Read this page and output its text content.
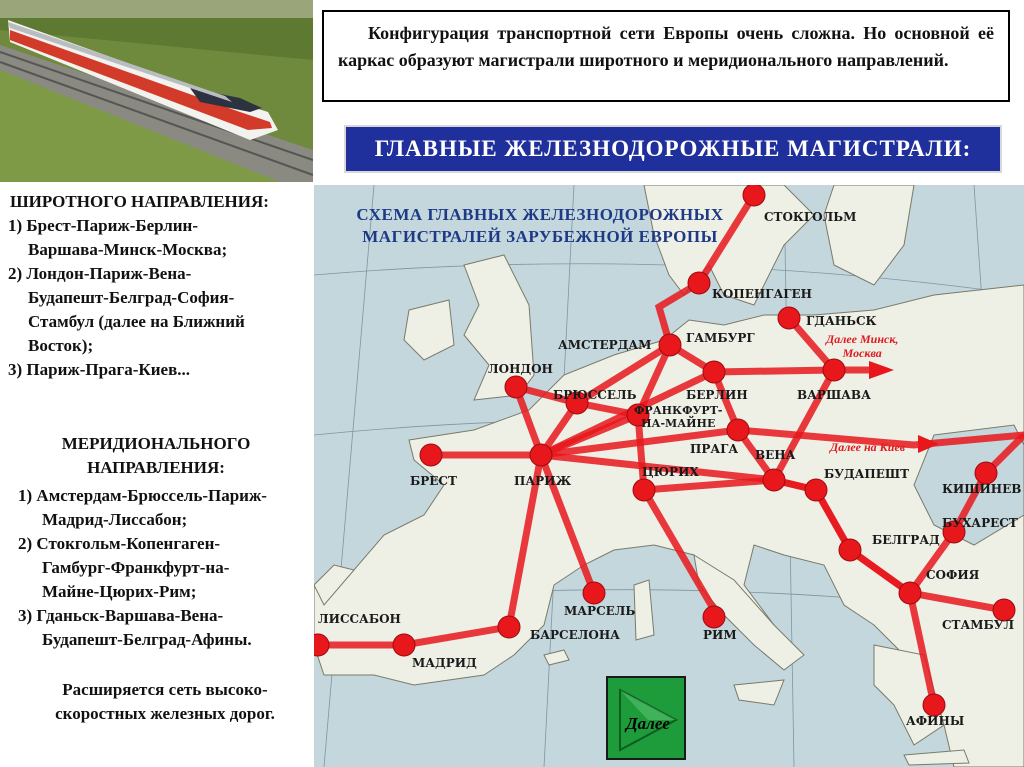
Конфигурация транспортной сети Европы очень сложна. Но основной её каркас образуют магистрали широтного и меридионального направлений.

ГЛАВНЫЕ ЖЕЛЕЗНОДОРОЖНЫЕ МАГИСТРАЛИ:

ШИРОТНОГО НАПРАВЛЕНИЯ:

1) Брест-Париж-Берлин-

Варшава-Минск-Москва;

2) Лондон-Париж-Вена-

Будапешт-Белград-София-

Стамбул (далее на Ближний

Восток);

3) Париж-Прага-Киев...

МЕРИДИОНАЛЬНОГО
НАПРАВЛЕНИЯ:

1) Амстердам-Брюссель-Париж-

Мадрид-Лиссабон;

2) Стокгольм-Копенгаген-

Гамбург-Франкфурт-на-

Майне-Цюрих-Рим;

3) Гданьск-Варшава-Вена-

Будапешт-Белград-Афины.

Расширяется сеть высоко-
скоростных железных дорог.
СХЕМА ГЛАВНЫХ ЖЕЛЕЗНОДОРОЖНЫХ
МАГИСТРАЛЕЙ ЗАРУБЕЖНОЙ ЕВРОПЫ
СТОКГОЛЬМ
КОПЕНГАГЕН
ГДАНЬСК
ГАМБУРГ
АМСТЕРДАМ
ЛОНДОН
БРЮССЕЛЬ	БЕРЛИН	ВАРШАВА
ФРАНКФУРТ-
НА-МАЙНЕ
ПРАГА ВЕНА
БРЕСТ	ПАРИЖ
ЦЮРИХ	БУДАПЕШТ
КИШИНЕВ
БУХАРЕСТ
БЕЛГРАД
СОФИЯ
СТАМБУЛ
АФИНЫ
ЛИССАБОН
МАДРИД
БАРСЕЛОНА
МАРСЕЛЬ
РИМ
Далее Минск,
Москва
Далее на Киев
Далее
